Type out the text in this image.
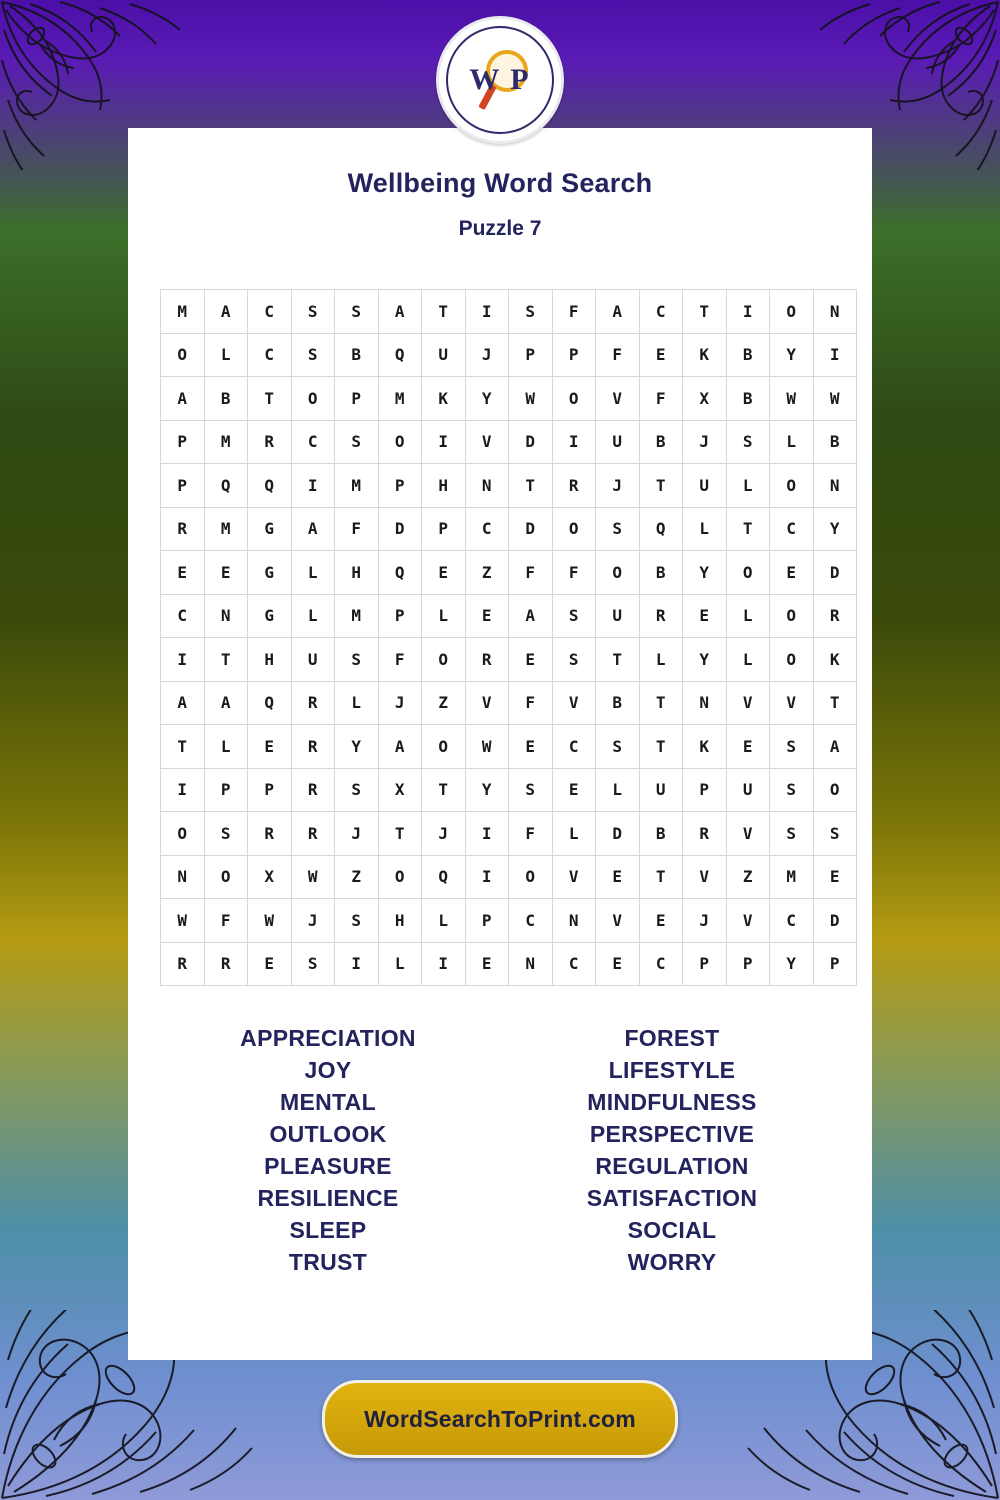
W P
Wellbeing Word Search
Puzzle 7
M	A	C	S	S	A	T	I	S	F	A	C	T	I	O	N
O	L	C	S	B	Q	U	J	P	P	F	E	K	B	Y	I
A	B	T	O	P	M	K	Y	W	O	V	F	X	B	W	W
P	M	R	C	S	O	I	V	D	I	U	B	J	S	L	B
P	Q	Q	I	M	P	H	N	T	R	J	T	U	L	O	N
R	M	G	A	F	D	P	C	D	O	S	Q	L	T	C	Y
E	E	G	L	H	Q	E	Z	F	F	O	B	Y	O	E	D
C	N	G	L	M	P	L	E	A	S	U	R	E	L	O	R
I	T	H	U	S	F	O	R	E	S	T	L	Y	L	O	K
A	A	Q	R	L	J	Z	V	F	V	B	T	N	V	V	T
T	L	E	R	Y	A	O	W	E	C	S	T	K	E	S	A
I	P	P	R	S	X	T	Y	S	E	L	U	P	U	S	O
O	S	R	R	J	T	J	I	F	L	D	B	R	V	S	S
N	O	X	W	Z	O	Q	I	O	V	E	T	V	Z	M	E
W	F	W	J	S	H	L	P	C	N	V	E	J	V	C	D
R	R	E	S	I	L	I	E	N	C	E	C	P	P	Y	P
APPRECIATION
JOY
MENTAL
OUTLOOK
PLEASURE
RESILIENCE
SLEEP
TRUST
FOREST
LIFESTYLE
MINDFULNESS
PERSPECTIVE
REGULATION
SATISFACTION
SOCIAL
WORRY
WordSearchToPrint.com
